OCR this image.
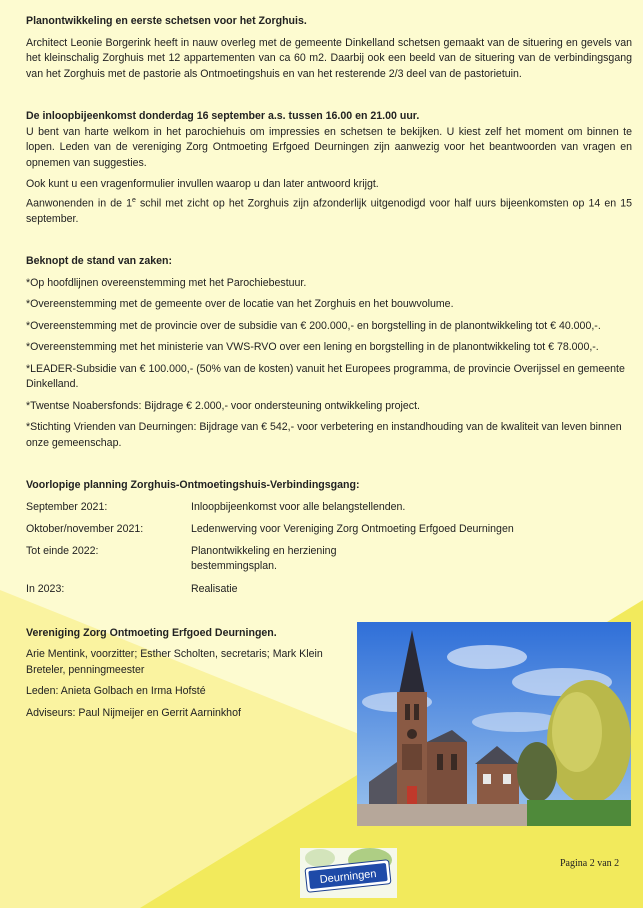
Planontwikkeling en eerste schetsen voor het Zorghuis.

Architect Leonie Borgerink heeft in nauw overleg met de gemeente Dinkelland schetsen gemaakt van de situering en gevels van het kleinschalig Zorghuis met 12 appartementen van ca 60 m2. Daarbij ook een beeld van de situering van de verbindingsgang van het Zorghuis met de pastorie als Ontmoetingshuis en van het resterende 2/3 deel van de pastorietuin.

De inloopbijeenkomst donderdag 16 september a.s. tussen 16.00 en 21.00 uur.

U bent van harte welkom in het parochiehuis om impressies en schetsen te bekijken. U kiest zelf het moment om binnen te lopen. Leden van de vereniging Zorg Ontmoeting Erfgoed Deurningen zijn aanwezig voor het beantwoorden van vragen en opnemen van suggesties.

Ook kunt u een vragenformulier invullen waarop u dan later antwoord krijgt.

Aanwonenden in de 1e schil met zicht op het Zorghuis zijn afzonderlijk uitgenodigd voor half uurs bijeenkomsten op 14 en 15 september.

Beknopt de stand van zaken:

*Op hoofdlijnen overeenstemming met het Parochiebestuur.

*Overeenstemming met de gemeente over de locatie van het Zorghuis en het bouwvolume.

*Overeenstemming met de provincie over de subsidie van € 200.000,- en borgstelling in de planontwikkeling tot € 40.000,-.

*Overeenstemming met het ministerie van VWS-RVO over een lening en borgstelling in de planontwikkeling tot € 78.000,-.

*LEADER-Subsidie van € 100.000,- (50% van de kosten) vanuit het Europees programma, de provincie Overijssel en gemeente Dinkelland.

*Twentse Noabersfonds: Bijdrage € 2.000,- voor ondersteuning ontwikkeling project.

*Stichting Vrienden van Deurningen: Bijdrage van € 542,- voor verbetering en instandhouding van de kwaliteit van leven binnen onze gemeenschap.

Voorlopige planning Zorghuis-Ontmoetingshuis-Verbindingsgang:

September 2021:	Inloopbijeenkomst voor alle belangstellenden.
Oktober/november 2021:	Ledenwerving voor Vereniging Zorg Ontmoeting Erfgoed Deurningen
Tot einde 2022:	Planontwikkeling en herziening bestemmingsplan.
In 2023:	Realisatie

Vereniging Zorg Ontmoeting Erfgoed Deurningen.

Arie Mentink, voorzitter; Esther Scholten, secretaris; Mark Klein Breteler, penningmeester

Leden: Anieta Golbach en Irma Hofsté

Adviseurs: Paul Nijmeijer en Gerrit Aarninkhof

Deurningen
Pagina 2 van 2
